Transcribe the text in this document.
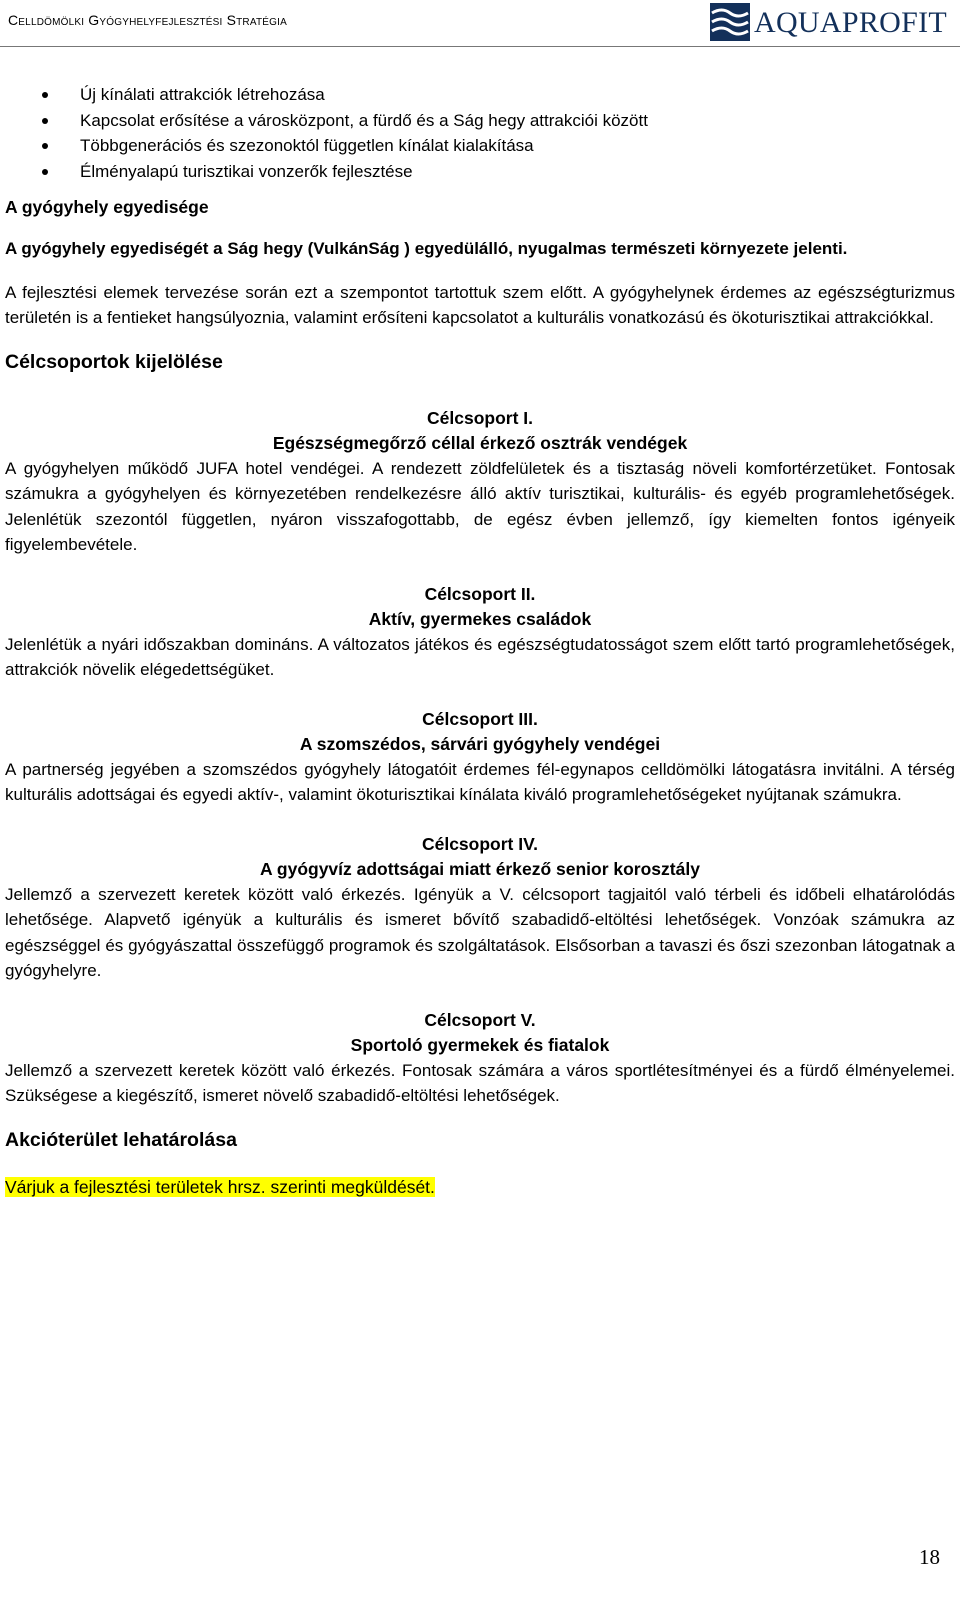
Celldömölki Gyógyhelyfejlesztési Stratégia	AQUAPROFIT
Új kínálati attrakciók létrehozása
Kapcsolat erősítése a városközpont, a fürdő és a Ság hegy attrakciói között
Többgenerációs és szezonoktól független kínálat kialakítása
Élményalapú turisztikai vonzerők fejlesztése
A gyógyhely egyedisége

A gyógyhely egyediségét a Ság hegy (VulkánSág ) egyedülálló, nyugalmas természeti környezete jelenti.

A fejlesztési elemek tervezése során ezt a szempontot tartottuk szem előtt. A gyógyhelynek érdemes az egészségturizmus területén is a fentieket hangsúlyoznia, valamint erősíteni kapcsolatot a kulturális vonatkozású és ökoturisztikai attrakciókkal.

Célcsoportok kijelölése

Célcsoport I.

Egészségmegőrző céllal érkező osztrák vendégek

A gyógyhelyen működő JUFA hotel vendégei. A rendezett zöldfelületek és a tisztaság növeli komfortérzetüket. Fontosak számukra a gyógyhelyen és környezetében rendelkezésre álló aktív turisztikai, kulturális- és egyéb programlehetőségek. Jelenlétük szezontól független, nyáron visszafogottabb, de egész évben jellemző, így kiemelten fontos igényeik figyelembevétele.

Célcsoport II.

Aktív, gyermekes családok

Jelenlétük a nyári időszakban domináns. A változatos játékos és egészségtudatosságot szem előtt tartó programlehetőségek, attrakciók növelik elégedettségüket.

Célcsoport III.

A szomszédos, sárvári gyógyhely vendégei

A partnerség jegyében a szomszédos gyógyhely látogatóit érdemes fél-egynapos celldömölki látogatásra invitálni. A térség kulturális adottságai és egyedi aktív-, valamint ökoturisztikai kínálata kiváló programlehetőségeket nyújtanak számukra.

Célcsoport IV.

A gyógyvíz adottságai miatt érkező senior korosztály

Jellemző a szervezett keretek között való érkezés. Igényük a V. célcsoport tagjaitól való térbeli és időbeli elhatárolódás lehetősége. Alapvető igényük a kulturális és ismeret bővítő szabadidő-eltöltési lehetőségek. Vonzóak számukra az egészséggel és gyógyászattal összefüggő programok és szolgáltatások. Elsősorban a tavaszi és őszi szezonban látogatnak a gyógyhelyre.

Célcsoport V.

Sportoló gyermekek és fiatalok

Jellemző a szervezett keretek között való érkezés. Fontosak számára a város sportlétesítményei és a fürdő élményelemei. Szükségese a kiegészítő, ismeret növelő szabadidő-eltöltési lehetőségek.

Akcióterület lehatárolása

Várjuk a fejlesztési területek hrsz. szerinti megküldését.

18
